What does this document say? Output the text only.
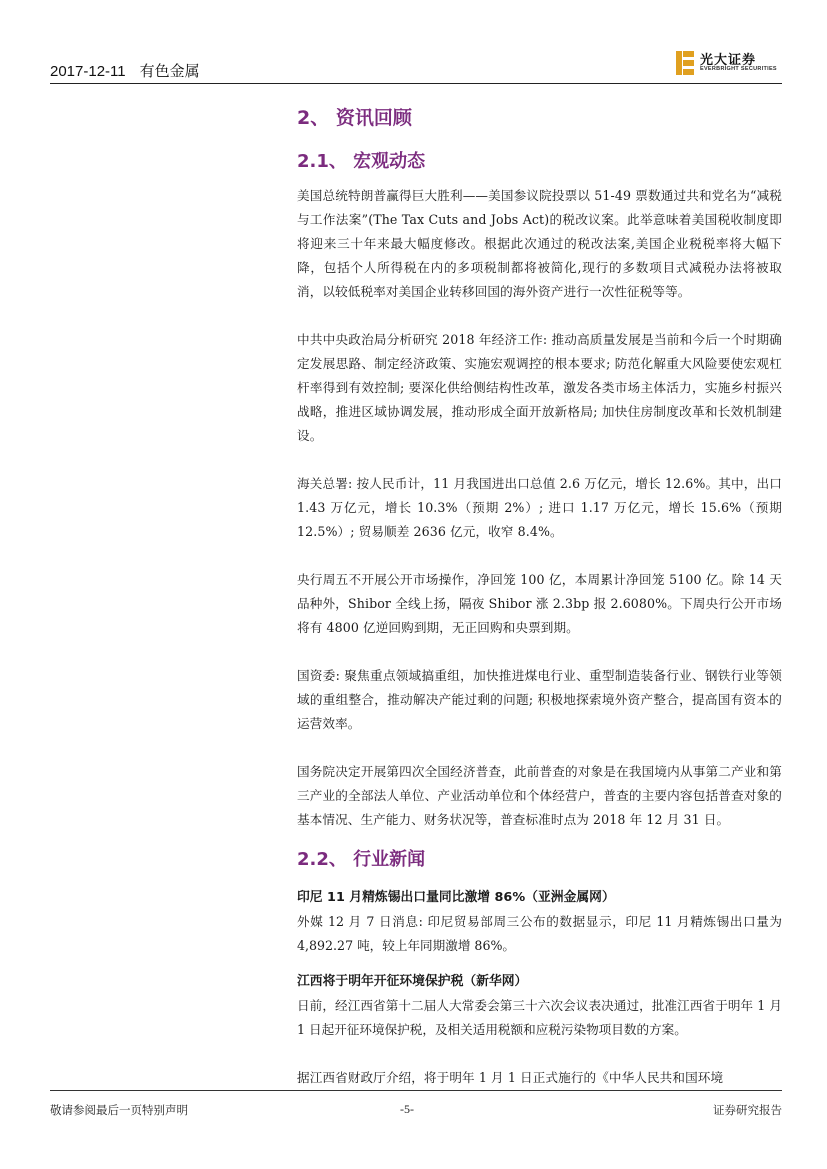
2017-12-11 有色金属
光大证券
EVERBRIGHT SECURITIES
2、 资讯回顾
2.1、 宏观动态

美国总统特朗普赢得巨大胜利——美国参议院投票以 51-49 票数通过共和党名为“减税与工作法案”(The Tax Cuts and Jobs Act)的税改议案。此举意味着美国税收制度即将迎来三十年来最大幅度修改。根据此次通过的税改法案,美国企业税税率将大幅下降，包括个人所得税在内的多项税制都将被简化,现行的多数项目式减税办法将被取消，以较低税率对美国企业转移回国的海外资产进行一次性征税等等。

中共中央政治局分析研究 2018 年经济工作: 推动高质量发展是当前和今后一个时期确定发展思路、制定经济政策、实施宏观调控的根本要求; 防范化解重大风险要使宏观杠杆率得到有效控制; 要深化供给侧结构性改革，激发各类市场主体活力，实施乡村振兴战略，推进区域协调发展，推动形成全面开放新格局; 加快住房制度改革和长效机制建设。

海关总署: 按人民币计，11 月我国进出口总值 2.6 万亿元，增长 12.6%。其中，出口 1.43 万亿元，增长 10.3%（预期 2%）; 进口 1.17 万亿元，增长 15.6%（预期 12.5%）; 贸易顺差 2636 亿元，收窄 8.4%。

央行周五不开展公开市场操作，净回笼 100 亿，本周累计净回笼 5100 亿。除 14 天品种外，Shibor 全线上扬，隔夜 Shibor 涨 2.3bp 报 2.6080%。下周央行公开市场将有 4800 亿逆回购到期，无正回购和央票到期。

国资委: 聚焦重点领域搞重组，加快推进煤电行业、重型制造装备行业、钢铁行业等领域的重组整合，推动解决产能过剩的问题; 积极地探索境外资产整合，提高国有资本的运营效率。

国务院决定开展第四次全国经济普查，此前普查的对象是在我国境内从事第二产业和第三产业的全部法人单位、产业活动单位和个体经营户，普查的主要内容包括普查对象的基本情况、生产能力、财务状况等，普查标准时点为 2018 年 12 月 31 日。

2.2、 行业新闻

印尼 11 月精炼锡出口量同比激增 86%（亚洲金属网）

外媒 12 月 7 日消息: 印尼贸易部周三公布的数据显示，印尼 11 月精炼锡出口量为 4,892.27 吨，较上年同期激增 86%。

江西将于明年开征环境保护税（新华网）

日前，经江西省第十二届人大常委会第三十六次会议表决通过，批准江西省于明年 1 月 1 日起开征环境保护税，及相关适用税额和应税污染物项目数的方案。

据江西省财政厅介绍，将于明年 1 月 1 日正式施行的《中华人民共和国环境

敬请参阅最后一页特别声明	-5-	证券研究报告
